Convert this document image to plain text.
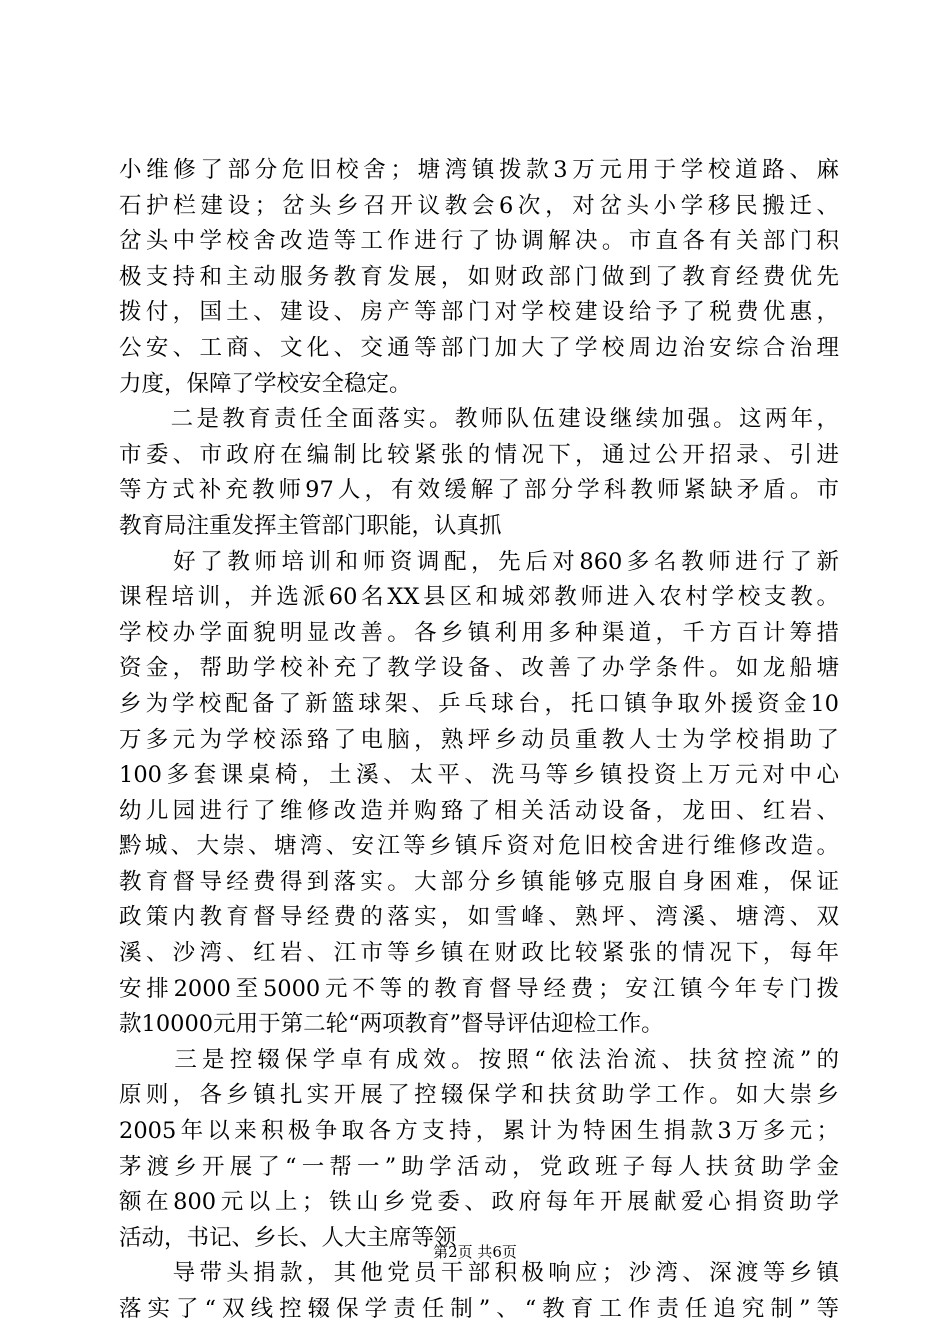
小维修了部分危旧校舍；塘湾镇拨款3万元用于学校道路、麻
石护栏建设；岔头乡召开议教会6次，对岔头小学移民搬迁、
岔头中学校舍改造等工作进行了协调解决。市直各有关部门积
极支持和主动服务教育发展，如财政部门做到了教育经费优先
拨付，国土、建设、房产等部门对学校建设给予了税费优惠，
公安、工商、文化、交通等部门加大了学校周边治安综合治理
力度，保障了学校安全稳定。
　　二是教育责任全面落实。教师队伍建设继续加强。这两年，
市委、市政府在编制比较紧张的情况下，通过公开招录、引进
等方式补充教师97人，有效缓解了部分学科教师紧缺矛盾。市
教育局注重发挥主管部门职能，认真抓
　　好了教师培训和师资调配，先后对860多名教师进行了新
课程培训，并选派60名XX县区和城郊教师进入农村学校支教。
学校办学面貌明显改善。各乡镇利用多种渠道，千方百计筹措
资金，帮助学校补充了教学设备、改善了办学条件。如龙船塘
乡为学校配备了新篮球架、乒乓球台，托口镇争取外援资金10
万多元为学校添臵了电脑，熟坪乡动员重教人士为学校捐助了
100多套课桌椅，土溪、太平、洗马等乡镇投资上万元对中心
幼儿园进行了维修改造并购臵了相关活动设备，龙田、红岩、
黔城、大崇、塘湾、安江等乡镇斥资对危旧校舍进行维修改造。
教育督导经费得到落实。大部分乡镇能够克服自身困难，保证
政策内教育督导经费的落实，如雪峰、熟坪、湾溪、塘湾、双
溪、沙湾、红岩、江市等乡镇在财政比较紧张的情况下，每年
安排2000至5000元不等的教育督导经费；安江镇今年专门拨
款10000元用于第二轮“两项教育”督导评估迎检工作。
　　三是控辍保学卓有成效。按照“依法治流、扶贫控流”的
原则，各乡镇扎实开展了控辍保学和扶贫助学工作。如大崇乡
2005年以来积极争取各方支持，累计为特困生捐款3万多元；
茅渡乡开展了“一帮一”助学活动，党政班子每人扶贫助学金
额在800元以上；铁山乡党委、政府每年开展献爱心捐资助学
活动，书记、乡长、人大主席等领
　　导带头捐款，其他党员干部积极响应；沙湾、深渡等乡镇
落实了“双线控辍保学责任制”、“教育工作责任追究制”等
第2页 共6页
